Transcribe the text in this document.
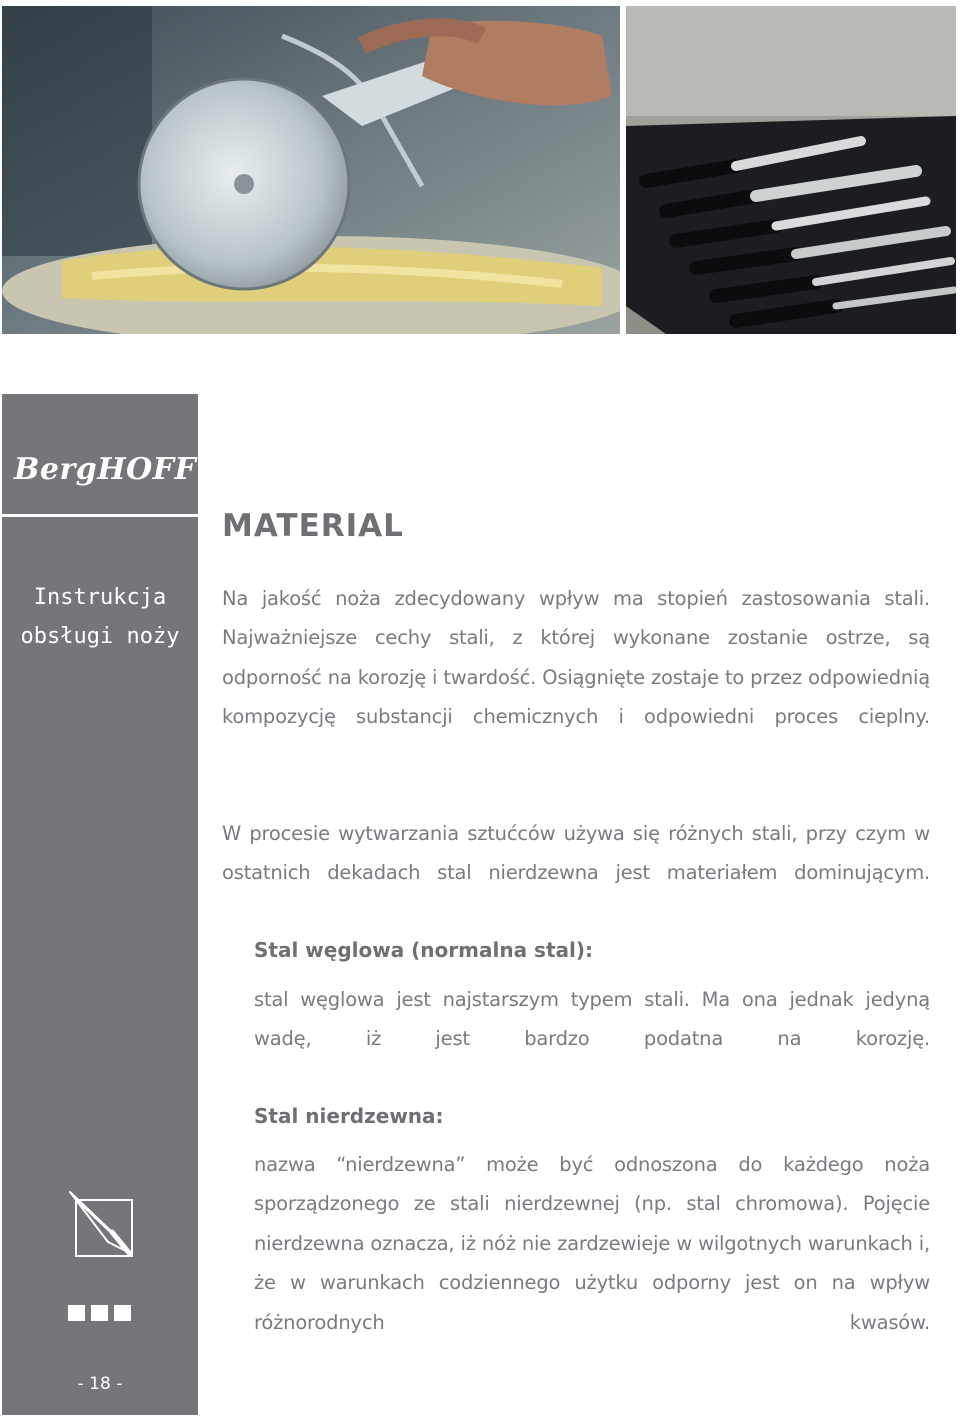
BergHOFF®
Instrukcja
obsługi noży
- 18 -
MATERIAL

Na jakość noża zdecydowany wpływ ma stopień zastosowania stali. Najważniejsze cechy stali, z której wykonane zostanie ostrze, są odporność na korozję i twardość. Osiągnięte zostaje to przez odpowiednią kompozycję substancji chemicznych i odpowiedni proces cieplny.

W procesie wytwarzania sztućców używa się różnych stali, przy czym w ostatnich dekadach stal nierdzewna jest materiałem dominującym.

Stal węglowa (normalna stal):

stal węglowa jest najstarszym typem stali. Ma ona jednak jedyną wadę, iż jest bardzo podatna na korozję.

Stal nierdzewna:

nazwa “nierdzewna” może być odnoszona do każdego noża sporządzonego ze stali nierdzewnej (np. stal chromowa). Pojęcie nierdzewna oznacza, iż nóż nie zardzewieje w wilgotnych warunkach i, że w warunkach codziennego użytku odporny jest on na wpływ różnorodnych kwasów.
